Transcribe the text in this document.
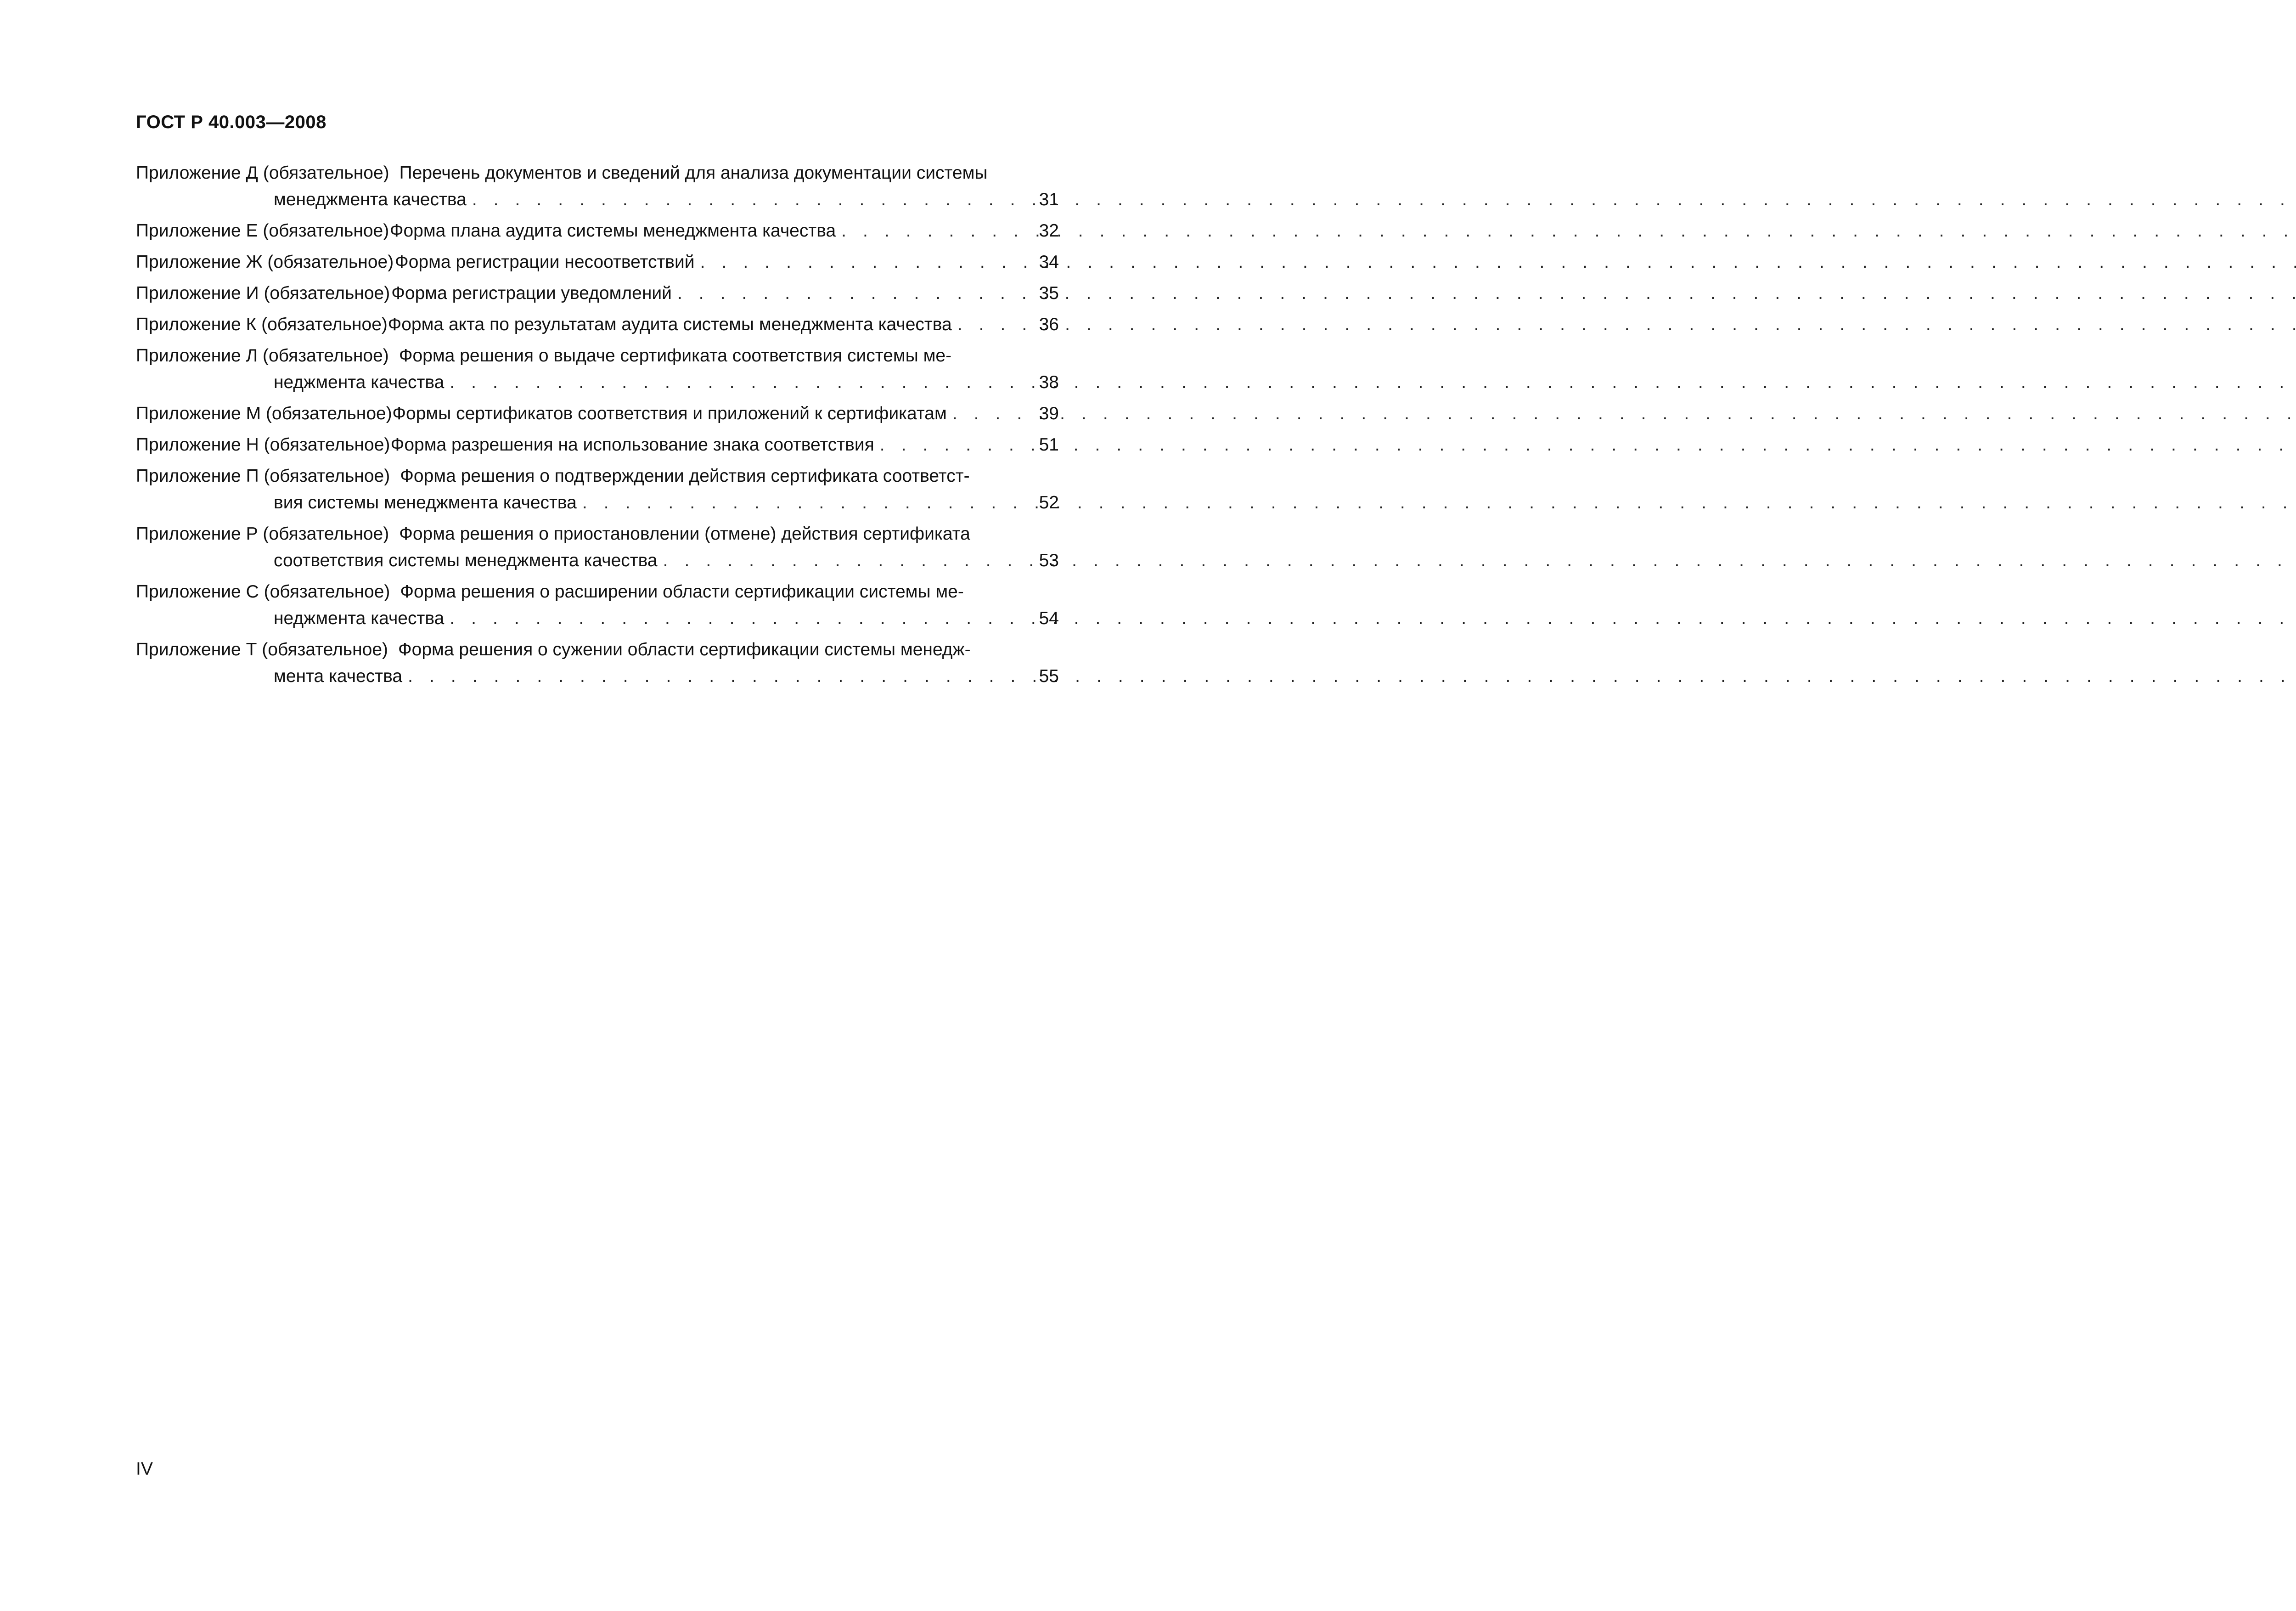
ГОСТ Р 40.003—2008
Приложение Д (обязательное) Перечень документов и сведений для анализа документации системы
менеджмента качества . . .	31
Приложение Е (обязательное) Форма плана аудита системы менеджмента качества . . .	32
Приложение Ж (обязательное) Форма регистрации несоответствий . . .	34
Приложение И (обязательное) Форма регистрации уведомлений . . .	35
Приложение К (обязательное) Форма акта по результатам аудита системы менеджмента качества . . .	36
Приложение Л (обязательное) Форма решения о выдаче сертификата соответствия системы ме-
неджмента качества . . .	38
Приложение М (обязательное) Формы сертификатов соответствия и приложений к сертификатам . . .	39
Приложение Н (обязательное) Форма разрешения на использование знака соответствия . . .	51
Приложение П (обязательное) Форма решения о подтверждении действия сертификата соответст-
вия системы менеджмента качества . . .	52
Приложение Р (обязательное) Форма решения о приостановлении (отмене) действия сертификата
соответствия системы менеджмента качества . . .	53
Приложение С (обязательное) Форма решения о расширении области сертификации системы ме-
неджмента качества . . .	54
Приложение Т (обязательное) Форма решения о сужении области сертификации системы менедж-
мента качества . . .	55

IV
